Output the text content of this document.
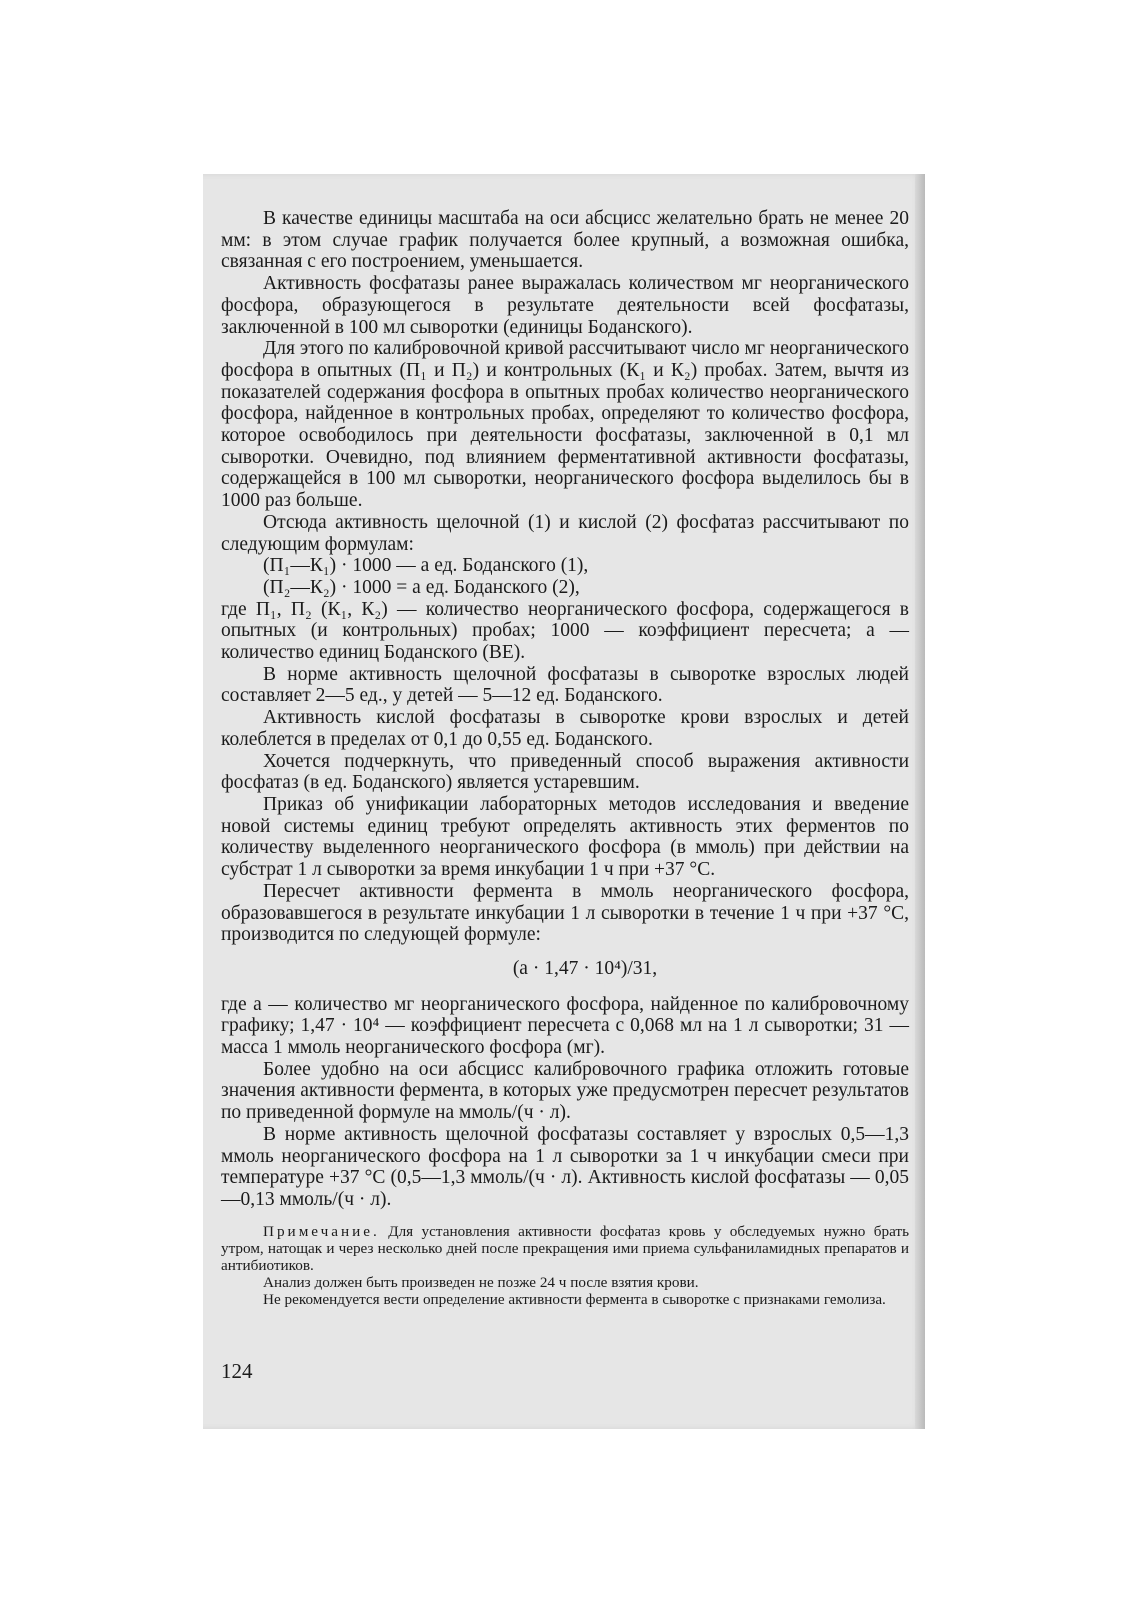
В качестве единицы масштаба на оси абсцисс желательно брать не менее 20 мм: в этом случае график получается более крупный, а возможная ошибка, связанная с его построением, уменьшается.

Активность фосфатазы ранее выражалась количеством мг неорганического фосфора, образующегося в результате деятельности всей фосфатазы, заключенной в 100 мл сыворотки (единицы Боданского).

Для этого по калибровочной кривой рассчитывают число мг неорганического фосфора в опытных (П₁ и П₂) и контрольных (К₁ и К₂) пробах. Затем, вычтя из показателей содержания фосфора в опытных пробах количество неорганического фосфора, найденное в контрольных пробах, определяют то количество фосфора, которое освободилось при деятельности фосфатазы, заключенной в 0,1 мл сыворотки. Очевидно, под влиянием ферментативной активности фосфатазы, содержащейся в 100 мл сыворотки, неорганического фосфора выделилось бы в 1000 раз больше.

Отсюда активность щелочной (1) и кислой (2) фосфатаз рассчитывают по следующим формулам:

(П₁—К₁) · 1000 — а ед. Боданского (1),

(П₂—К₂) · 1000 = а ед. Боданского (2),

где П₁, П₂ (К₁, К₂) — количество неорганического фосфора, содержащегося в опытных (и контрольных) пробах; 1000 — коэффициент пересчета; а — количество единиц Боданского (BE).

В норме активность щелочной фосфатазы в сыворотке взрослых людей составляет 2—5 ед., у детей — 5—12 ед. Боданского.

Активность кислой фосфатазы в сыворотке крови взрослых и детей колеблется в пределах от 0,1 до 0,55 ед. Боданского.

Хочется подчеркнуть, что приведенный способ выражения активности фосфатаз (в ед. Боданского) является устаревшим.

Приказ об унификации лабораторных методов исследования и введение новой системы единиц требуют определять активность этих ферментов по количеству выделенного неорганического фосфора (в ммоль) при действии на субстрат 1 л сыворотки за время инкубации 1 ч при +37 °С.

Пересчет активности фермента в ммоль неорганического фосфора, образовавшегося в результате инкубации 1 л сыворотки в течение 1 ч при +37 °С, производится по следующей формуле:

(а · 1,47 · 10⁴)/31,

где а — количество мг неорганического фосфора, найденное по калибровочному графику; 1,47 · 10⁴ — коэффициент пересчета с 0,068 мл на 1 л сыворотки; 31 — масса 1 ммоль неорганического фосфора (мг).

Более удобно на оси абсцисс калибровочного графика отложить готовые значения активности фермента, в которых уже предусмотрен пересчет результатов по приведенной формуле на ммоль/(ч · л).

В норме активность щелочной фосфатазы составляет у взрослых 0,5—1,3 ммоль неорганического фосфора на 1 л сыворотки за 1 ч инкубации смеси при температуре +37 °С (0,5—1,3 ммоль/(ч · л). Активность кислой фосфатазы — 0,05—0,13 ммоль/(ч · л).

Примечание. Для установления активности фосфатаз кровь у обследуемых нужно брать утром, натощак и через несколько дней после прекращения ими приема сульфаниламидных препаратов и антибиотиков.

Анализ должен быть произведен не позже 24 ч после взятия крови.

Не рекомендуется вести определение активности фермента в сыворотке с признаками гемолиза.

124
